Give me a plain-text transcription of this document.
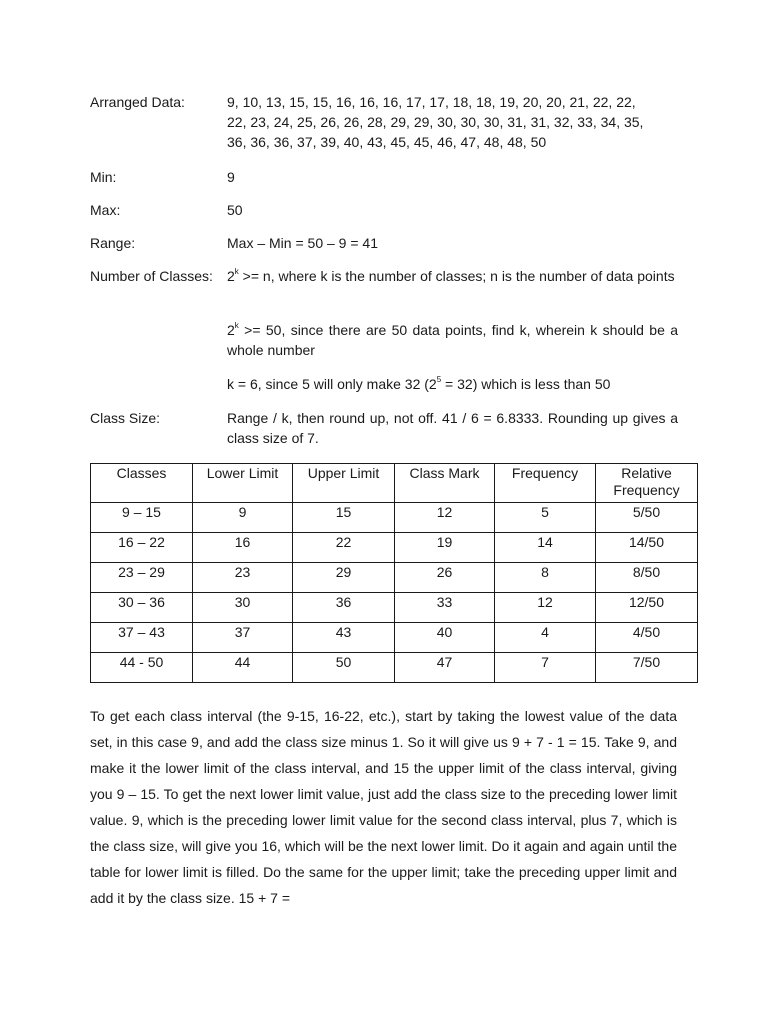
Arranged Data:	9, 10, 13, 15, 15, 16, 16, 16, 17, 17, 18, 18, 19, 20, 20, 21, 22, 22,
22, 23, 24, 25, 26, 26, 28, 29, 29, 30, 30, 30, 31, 31, 32, 33, 34, 35,
36, 36, 36, 37, 39, 40, 43, 45, 45, 46, 47, 48, 48, 50
Min:	9
Max:	50
Range:	Max – Min = 50 – 9 = 41
Number of Classes:	$2^k >= n$, where k is the number of classes; n is the number of data points
$2^k >= 50$, since there are 50 data points, find k, wherein k should be a whole number
k = 6, since 5 will only make 32 $(2^5 = 32)$ which is less than 50
Class Size:	Range / k, then round up, not off. 41 / 6 = 6.8333. Rounding up gives a class size of 7.
Classes	Lower Limit	Upper Limit	Class Mark	Frequency	Relative Frequency
9 – 15	9	15	12	5	5/50
16 – 22	16	22	19	14	14/50
23 – 29	23	29	26	8	8/50
30 – 36	30	36	33	12	12/50
37 – 43	37	43	40	4	4/50
44 - 50	44	50	47	7	7/50
To get each class interval (the 9-15, 16-22, etc.), start by taking the lowest value of the data set, in this case 9, and add the class size minus 1. So it will give us 9 + 7 - 1 = 15. Take 9, and make it the lower limit of the class interval, and 15 the upper limit of the class interval, giving you 9 – 15. To get the next lower limit value, just add the class size to the preceding lower limit value. 9, which is the preceding lower limit value for the second class interval, plus 7, which is the class size, will give you 16, which will be the next lower limit. Do it again and again until the table for lower limit is filled. Do the same for the upper limit; take the preceding upper limit and add it by the class size. 15 + 7 =
